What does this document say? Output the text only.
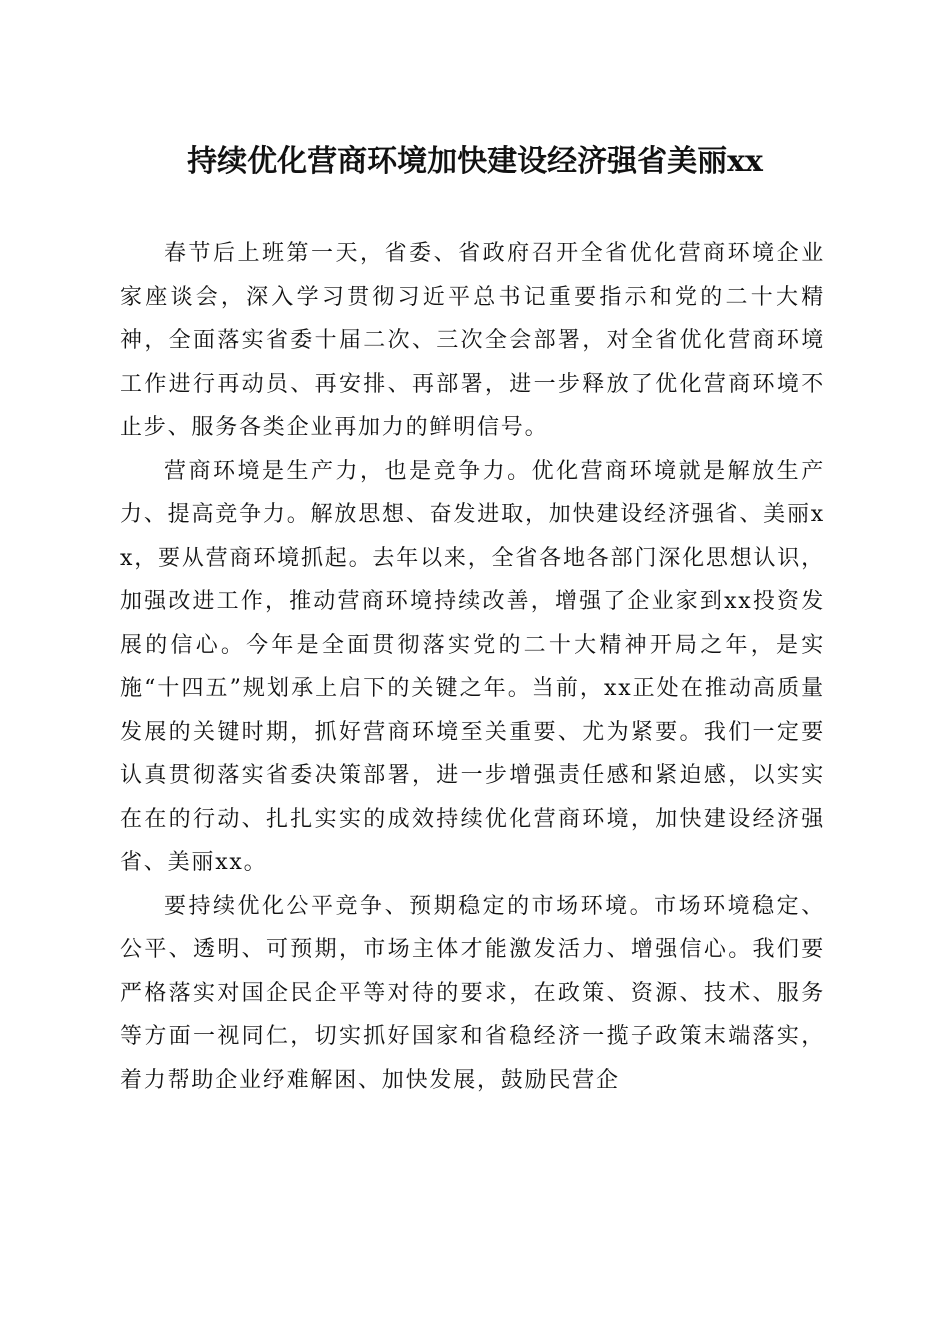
持续优化营商环境加快建设经济强省美丽xx

春节后上班第一天，省委、省政府召开全省优化营商环境企业家座谈会，深入学习贯彻习近平总书记重要指示和党的二十大精神，全面落实省委十届二次、三次全会部署，对全省优化营商环境工作进行再动员、再安排、再部署，进一步释放了优化营商环境不止步、服务各类企业再加力的鲜明信号。

营商环境是生产力，也是竞争力。优化营商环境就是解放生产力、提高竞争力。解放思想、奋发进取，加快建设经济强省、美丽xx，要从营商环境抓起。去年以来，全省各地各部门深化思想认识，加强改进工作，推动营商环境持续改善，增强了企业家到xx投资发展的信心。今年是全面贯彻落实党的二十大精神开局之年，是实施“十四五”规划承上启下的关键之年。当前，xx正处在推动高质量发展的关键时期，抓好营商环境至关重要、尤为紧要。我们一定要认真贯彻落实省委决策部署，进一步增强责任感和紧迫感，以实实在在的行动、扎扎实实的成效持续优化营商环境，加快建设经济强省、美丽xx。

要持续优化公平竞争、预期稳定的市场环境。市场环境稳定、公平、透明、可预期，市场主体才能激发活力、增强信心。我们要严格落实对国企民企平等对待的要求，在政策、资源、技术、服务等方面一视同仁，切实抓好国家和省稳经济一揽子政策末端落实，着力帮助企业纾难解困、加快发展，鼓励民营企
